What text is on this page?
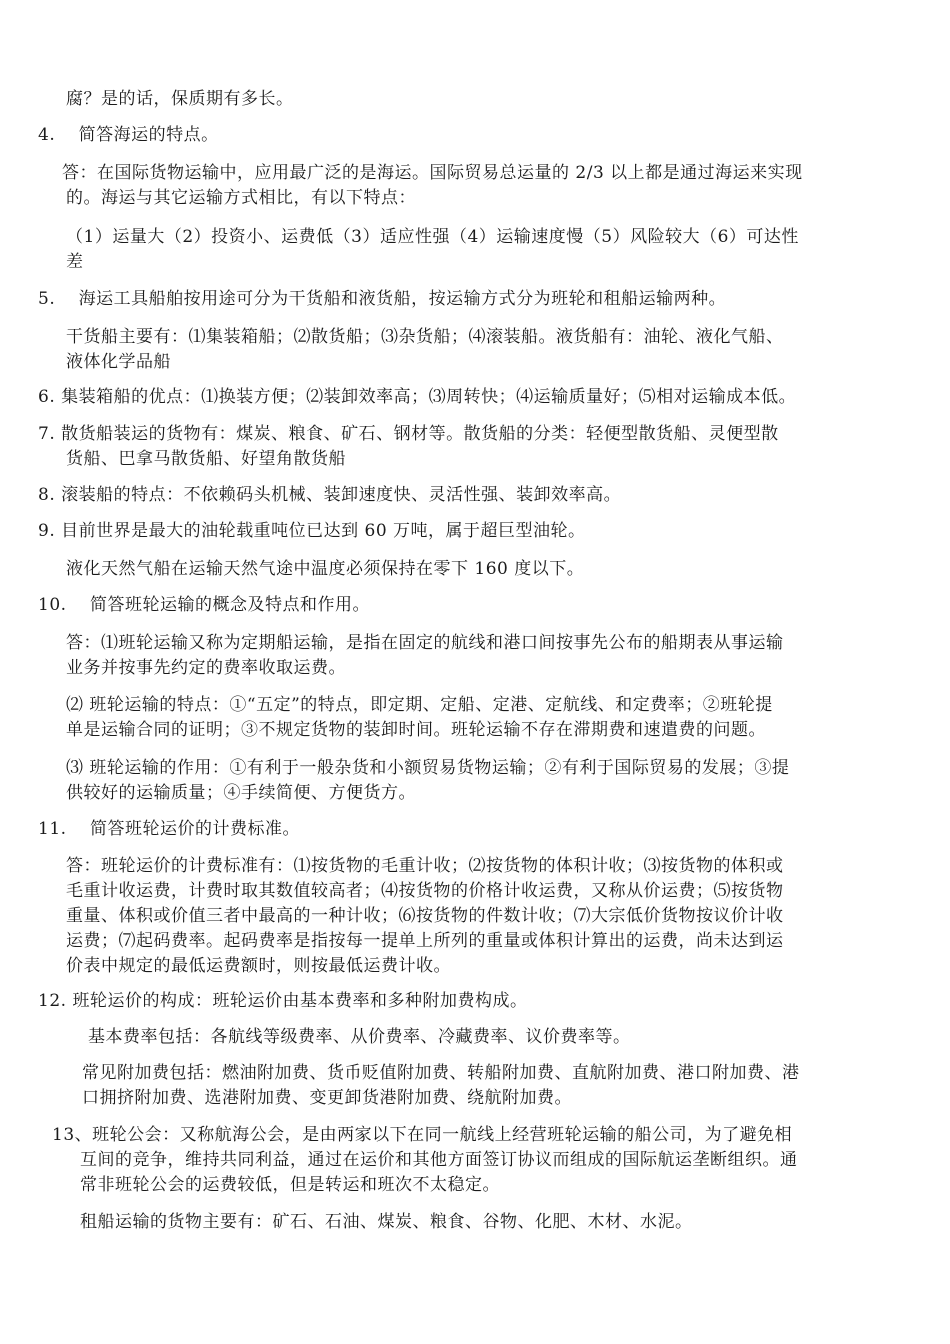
腐？是的话，保质期有多长。

4.　 简答海运的特点。

答：在国际货物运输中，应用最广泛的是海运。国际贸易总运量的 2/3 以上都是通过海运来实现

的。海运与其它运输方式相比，有以下特点：

（1）运量大（2）投资小、运费低（3）适应性强（4）运输速度慢（5）风险较大（6）可达性

差

5.　 海运工具船舶按用途可分为干货船和液货船，按运输方式分为班轮和租船运输两种。

干货船主要有：⑴集装箱船；⑵散货船；⑶杂货船；⑷滚装船。液货船有：油轮、液化气船、

液体化学品船

6. 集装箱船的优点：⑴换装方便；⑵装卸效率高；⑶周转快；⑷运输质量好；⑸相对运输成本低。

7. 散货船装运的货物有：煤炭、粮食、矿石、钢材等。散货船的分类：轻便型散货船、灵便型散

货船、巴拿马散货船、好望角散货船

8. 滚装船的特点：不依赖码头机械、装卸速度快、灵活性强、装卸效率高。

9. 目前世界是最大的油轮载重吨位已达到 60 万吨，属于超巨型油轮。

液化天然气船在运输天然气途中温度必须保持在零下 160 度以下。

10.　 简答班轮运输的概念及特点和作用。

答：⑴班轮运输又称为定期船运输，是指在固定的航线和港口间按事先公布的船期表从事运输

业务并按事先约定的费率收取运费。

⑵ 班轮运输的特点：①“五定”的特点，即定期、定船、定港、定航线、和定费率；②班轮提

单是运输合同的证明；③不规定货物的装卸时间。班轮运输不存在滞期费和速遣费的问题。

⑶ 班轮运输的作用：①有利于一般杂货和小额贸易货物运输；②有利于国际贸易的发展；③提

供较好的运输质量；④手续简便、方便货方。

11.　 简答班轮运价的计费标准。

答：班轮运价的计费标准有：⑴按货物的毛重计收；⑵按货物的体积计收；⑶按货物的体积或

毛重计收运费，计费时取其数值较高者；⑷按货物的价格计收运费，又称从价运费；⑸按货物

重量、体积或价值三者中最高的一种计收；⑹按货物的件数计收；⑺大宗低价货物按议价计收

运费；⑺起码费率。起码费率是指按每一提单上所列的重量或体积计算出的运费，尚未达到运

价表中规定的最低运费额时，则按最低运费计收。

12. 班轮运价的构成：班轮运价由基本费率和多种附加费构成。

基本费率包括：各航线等级费率、从价费率、冷藏费率、议价费率等。

常见附加费包括：燃油附加费、货币贬值附加费、转船附加费、直航附加费、港口附加费、港

口拥挤附加费、选港附加费、变更卸货港附加费、绕航附加费。

13、班轮公会：又称航海公会，是由两家以下在同一航线上经营班轮运输的船公司，为了避免相

互间的竞争，维持共同利益，通过在运价和其他方面签订协议而组成的国际航运垄断组织。通

常非班轮公会的运费较低，但是转运和班次不太稳定。

租船运输的货物主要有：矿石、石油、煤炭、粮食、谷物、化肥、木材、水泥。
